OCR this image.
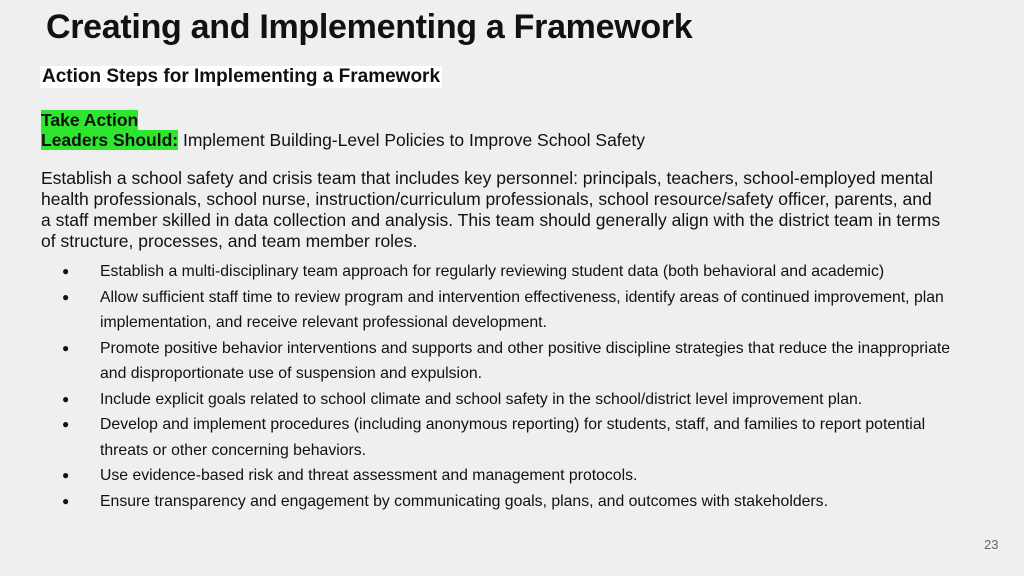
Creating and Implementing a Framework
Action Steps for Implementing a Framework
Take Action
Leaders Should: Implement Building-Level Policies to Improve School Safety

Establish a school safety and crisis team that includes key personnel: principals, teachers, school-employed mental health professionals, school nurse, instruction/curriculum professionals, school resource/safety officer, parents, and a staff member skilled in data collection and analysis. This team should generally align with the district team in terms of structure, processes, and team member roles.

● Establish a multi-disciplinary team approach for regularly reviewing student data (both behavioral and academic)
● Allow sufficient staff time to review program and intervention effectiveness, identify areas of continued improvement, plan implementation, and receive relevant professional development.
● Promote positive behavior interventions and supports and other positive discipline strategies that reduce the inappropriate and disproportionate use of suspension and expulsion.
● Include explicit goals related to school climate and school safety in the school/district level improvement plan.
● Develop and implement procedures (including anonymous reporting) for students, staff, and families to report potential threats or other concerning behaviors.
● Use evidence-based risk and threat assessment and management protocols.
● Ensure transparency and engagement by communicating goals, plans, and outcomes with stakeholders.
23
